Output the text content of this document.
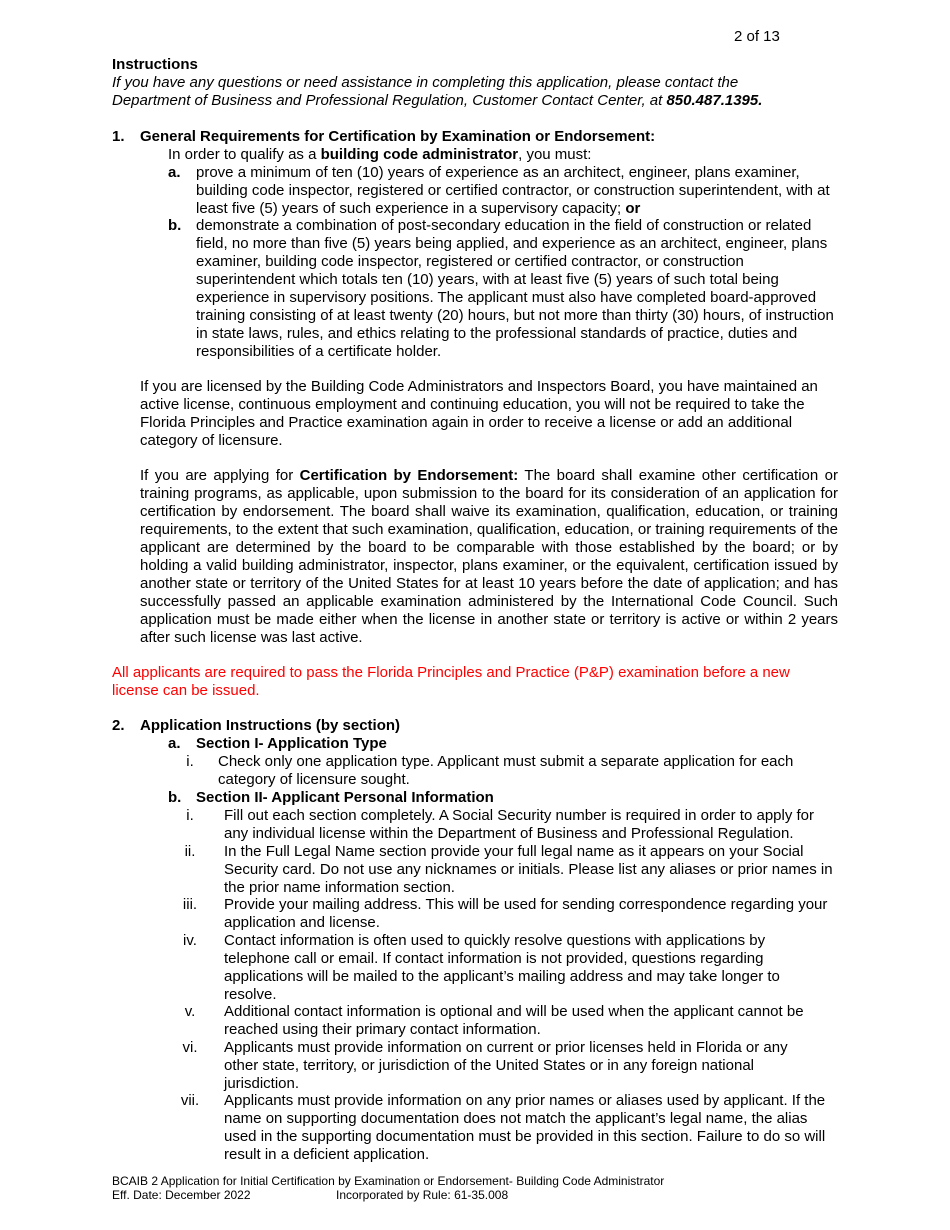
2 of 13
Instructions
If you have any questions or need assistance in completing this application, please contact the Department of Business and Professional Regulation, Customer Contact Center, at 850.487.1395.
1. General Requirements for Certification by Examination or Endorsement:
In order to qualify as a building code administrator, you must:
a. prove a minimum of ten (10) years of experience as an architect, engineer, plans examiner, building code inspector, registered or certified contractor, or construction superintendent, with at least five (5) years of such experience in a supervisory capacity; or
b. demonstrate a combination of post-secondary education in the field of construction or related field, no more than five (5) years being applied, and experience as an architect, engineer, plans examiner, building code inspector, registered or certified contractor, or construction superintendent which totals ten (10) years, with at least five (5) years of such total being experience in supervisory positions. The applicant must also have completed board-approved training consisting of at least twenty (20) hours, but not more than thirty (30) hours, of instruction in state laws, rules, and ethics relating to the professional standards of practice, duties and responsibilities of a certificate holder.
If you are licensed by the Building Code Administrators and Inspectors Board, you have maintained an active license, continuous employment and continuing education, you will not be required to take the Florida Principles and Practice examination again in order to receive a license or add an additional category of licensure.
If you are applying for Certification by Endorsement: The board shall examine other certification or training programs, as applicable, upon submission to the board for its consideration of an application for certification by endorsement. The board shall waive its examination, qualification, education, or training requirements, to the extent that such examination, qualification, education, or training requirements of the applicant are determined by the board to be comparable with those established by the board; or by holding a valid building administrator, inspector, plans examiner, or the equivalent, certification issued by another state or territory of the United States for at least 10 years before the date of application; and has successfully passed an applicable examination administered by the International Code Council. Such application must be made either when the license in another state or territory is active or within 2 years after such license was last active.
All applicants are required to pass the Florida Principles and Practice (P&P) examination before a new license can be issued.
2. Application Instructions (by section)
a. Section I- Application Type
i.	Check only one application type. Applicant must submit a separate application for each category of licensure sought.
b. Section II- Applicant Personal Information
i.	Fill out each section completely. A Social Security number is required in order to apply for any individual license within the Department of Business and Professional Regulation.
ii.	In the Full Legal Name section provide your full legal name as it appears on your Social Security card. Do not use any nicknames or initials. Please list any aliases or prior names in the prior name information section.
iii.	Provide your mailing address. This will be used for sending correspondence regarding your application and license.
iv.	Contact information is often used to quickly resolve questions with applications by telephone call or email. If contact information is not provided, questions regarding applications will be mailed to the applicant’s mailing address and may take longer to resolve.
v.	Additional contact information is optional and will be used when the applicant cannot be reached using their primary contact information.
vi.	Applicants must provide information on current or prior licenses held in Florida or any other state, territory, or jurisdiction of the United States or in any foreign national jurisdiction.
vii.	Applicants must provide information on any prior names or aliases used by applicant. If the name on supporting documentation does not match the applicant’s legal name, the alias used in the supporting documentation must be provided in this section. Failure to do so will result in a deficient application.
BCAIB 2 Application for Initial Certification by Examination or Endorsement- Building Code Administrator
Eff. Date: December 2022	Incorporated by Rule: 61-35.008
